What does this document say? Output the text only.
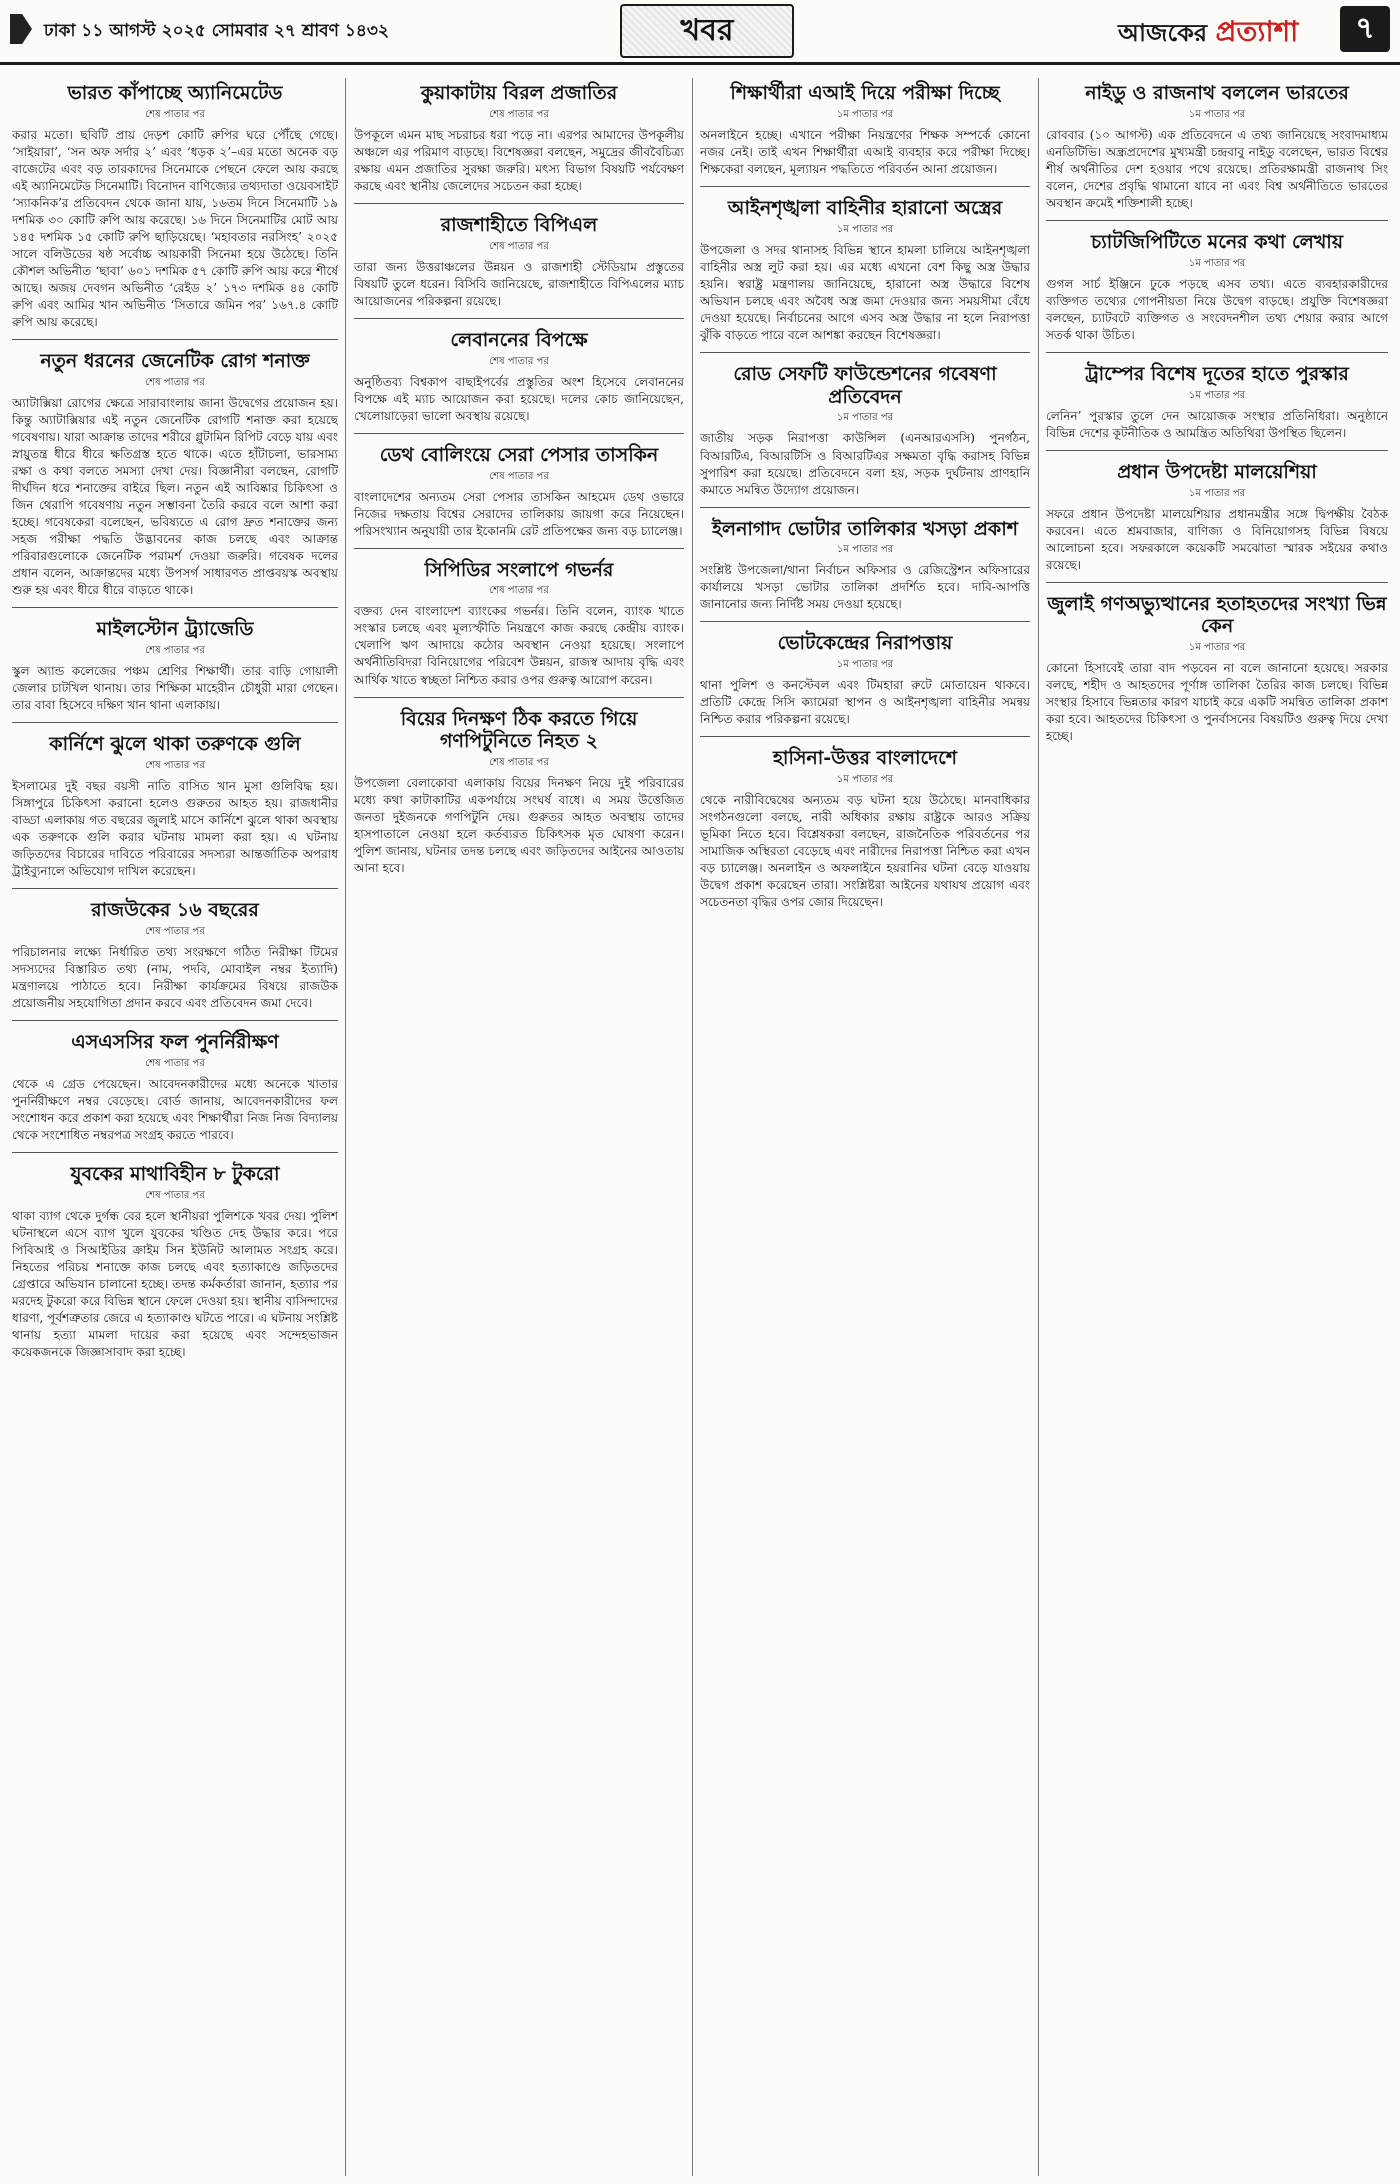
ঢাকা ১১ আগস্ট ২০২৫ সোমবার ২৭ শ্রাবণ ১৪৩২	খবর	আজকের প্রত্যাশা	৭
ভারত কাঁপাচ্ছে অ্যানিমেটেড
শেষ পাতার পর

করার মতো। ছবিটি প্রায় দেড়শ কোটি রুপির ঘরে পৌঁছে গেছে। ‘সাইয়ারা’, ‘সন অফ সর্দার ২’ এবং ‘ধড়ক ২’–এর মতো অনেক বড় বাজেটের এবং বড় তারকাদের সিনেমাকে পেছনে ফেলে আয় করছে এই অ্যানিমেটেড সিনেমাটি। বিনোদন বাণিজ্যের তথ্যদাতা ওয়েবসাইট ‘স্যাকনিক’র প্রতিবেদন থেকে জানা যায়, ১৬তম দিনে সিনেমাটি ১৯ দশমিক ৩০ কোটি রুপি আয় করেছে। ১৬ দিনে সিনেমাটির মোট আয় ১৪৫ দশমিক ১৫ কোটি রুপি ছাড়িয়েছে। ‘মহাবতার নরসিংহ’ ২০২৫ সালে বলিউডের ষষ্ঠ সর্বোচ্চ আয়কারী সিনেমা হয়ে উঠেছে। তিনি কৌশল অভিনীত ‘ছাবা’ ৬০১ দশমিক ৫৭ কোটি রুপি আয় করে শীর্ষে আছে। অজয় দেবগন অভিনীত ‘রেইড ২’ ১৭৩ দশমিক ৪৪ কোটি রুপি এবং আমির খান অভিনীত ‘সিতারে জমিন পর’ ১৬৭.৪ কোটি রুপি আয় করেছে।

নতুন ধরনের জেনেটিক রোগ শনাক্ত
শেষ পাতার পর

অ্যাটাক্সিয়া রোগের ক্ষেত্রে সারাবাংলায় জানা উদ্বেগের প্রয়োজন হয়। কিন্তু অ্যাটাক্সিয়ার এই নতুন জেনেটিক রোগটি শনাক্ত করা হয়েছে গবেষণায়। যারা আক্রান্ত তাদের শরীরে গ্লুটামিন রিপিট বেড়ে যায় এবং স্নায়ুতন্ত্র ধীরে ধীরে ক্ষতিগ্রস্ত হতে থাকে। এতে হাঁটাচলা, ভারসাম্য রক্ষা ও কথা বলতে সমস্যা দেখা দেয়। বিজ্ঞানীরা বলছেন, রোগটি দীর্ঘদিন ধরে শনাক্তের বাইরে ছিল। নতুন এই আবিষ্কার চিকিৎসা ও জিন থেরাপি গবেষণায় নতুন সম্ভাবনা তৈরি করবে বলে আশা করা হচ্ছে। গবেষকেরা বলেছেন, ভবিষ্যতে এ রোগ দ্রুত শনাক্তের জন্য সহজ পরীক্ষা পদ্ধতি উদ্ভাবনের কাজ চলছে এবং আক্রান্ত পরিবারগুলোকে জেনেটিক পরামর্শ দেওয়া জরুরি। গবেষক দলের প্রধান বলেন, আক্রান্তদের মধ্যে উপসর্গ সাধারণত প্রাপ্তবয়স্ক অবস্থায় শুরু হয় এবং ধীরে ধীরে বাড়তে থাকে।

মাইলস্টোন ট্র্যাজেডি
শেষ পাতার পর

স্কুল অ্যান্ড কলেজের পঞ্চম শ্রেণির শিক্ষার্থী। তার বাড়ি গোয়ালী জেলার চাটখিল থানায়। তার শিক্ষিকা মাহেরীন চৌধুরী মারা গেছেন। তার বাবা হিসেবে দক্ষিণ খান থানা এলাকায়।

কার্নিশে ঝুলে থাকা তরুণকে গুলি
শেষ পাতার পর

ইসলামের দুই বছর বয়সী নাতি বাসিত খান মুসা গুলিবিদ্ধ হয়। সিঙ্গাপুরে চিকিৎসা করানো হলেও গুরুতর আহত হয়। রাজধানীর বাড্ডা এলাকায় গত বছরের জুলাই মাসে কার্নিশে ঝুলে থাকা অবস্থায় এক তরুণকে গুলি করার ঘটনায় মামলা করা হয়। এ ঘটনায় জড়িতদের বিচারের দাবিতে পরিবারের সদস্যরা আন্তর্জাতিক অপরাধ ট্রাইব্যুনালে অভিযোগ দাখিল করেছেন।

রাজউকের ১৬ বছরের
শেষ পাতার পর

পরিচালনার লক্ষ্যে নির্ধারিত তথ্য সংরক্ষণে গঠিত নিরীক্ষা টিমের সদস্যদের বিস্তারিত তথ্য (নাম, পদবি, মোবাইল নম্বর ইত্যাদি) মন্ত্রণালয়ে পাঠাতে হবে। নিরীক্ষা কার্যক্রমের বিষয়ে রাজউক প্রয়োজনীয় সহযোগিতা প্রদান করবে এবং প্রতিবেদন জমা দেবে।

এসএসসির ফল পুনর্নিরীক্ষণ
শেষ পাতার পর

থেকে এ গ্রেড পেয়েছেন। আবেদনকারীদের মধ্যে অনেকে খাতার পুনর্নিরীক্ষণে নম্বর বেড়েছে। বোর্ড জানায়, আবেদনকারীদের ফল সংশোধন করে প্রকাশ করা হয়েছে এবং শিক্ষার্থীরা নিজ নিজ বিদ্যালয় থেকে সংশোধিত নম্বরপত্র সংগ্রহ করতে পারবে।

যুবকের মাথাবিহীন ৮ টুকরো
শেষ পাতার পর

থাকা ব্যাগ থেকে দুর্গন্ধ বের হলে স্থানীয়রা পুলিশকে খবর দেয়। পুলিশ ঘটনাস্থলে এসে ব্যাগ খুলে যুবকের খণ্ডিত দেহ উদ্ধার করে। পরে পিবিআই ও সিআইডির ক্রাইম সিন ইউনিট আলামত সংগ্রহ করে। নিহতের পরিচয় শনাক্তে কাজ চলছে এবং হত্যাকাণ্ডে জড়িতদের গ্রেপ্তারে অভিযান চালানো হচ্ছে। তদন্ত কর্মকর্তারা জানান, হত্যার পর মরদেহ টুকরো করে বিভিন্ন স্থানে ফেলে দেওয়া হয়। স্থানীয় বাসিন্দাদের ধারণা, পূর্বশত্রুতার জেরে এ হত্যাকাণ্ড ঘটতে পারে। এ ঘটনায় সংশ্লিষ্ট থানায় হত্যা মামলা দায়ের করা হয়েছে এবং সন্দেহভাজন কয়েকজনকে জিজ্ঞাসাবাদ করা হচ্ছে।

কুয়াকাটায় বিরল প্রজাতির
শেষ পাতার পর

উপকূলে এমন মাছ সচরাচর ধরা পড়ে না। এরপর আমাদের উপকূলীয় অঞ্চলে এর পরিমাণ বাড়ছে। বিশেষজ্ঞরা বলছেন, সমুদ্রের জীববৈচিত্র্য রক্ষায় এমন প্রজাতির সুরক্ষা জরুরি। মৎস্য বিভাগ বিষয়টি পর্যবেক্ষণ করছে এবং স্থানীয় জেলেদের সচেতন করা হচ্ছে।

রাজশাহীতে বিপিএল
শেষ পাতার পর

তারা জন্য উত্তরাঞ্চলের উন্নয়ন ও রাজশাহী স্টেডিয়াম প্রস্তুতের বিষয়টি তুলে ধরেন। বিসিবি জানিয়েছে, রাজশাহীতে বিপিএলের ম্যাচ আয়োজনের পরিকল্পনা রয়েছে।

লেবাননের বিপক্ষে
শেষ পাতার পর

অনুষ্ঠিতব্য বিশ্বকাপ বাছাইপর্বের প্রস্তুতির অংশ হিসেবে লেবাননের বিপক্ষে এই ম্যাচ আয়োজন করা হয়েছে। দলের কোচ জানিয়েছেন, খেলোয়াড়েরা ভালো অবস্থায় রয়েছে।

ডেথ বোলিংয়ে সেরা পেসার তাসকিন
শেষ পাতার পর

বাংলাদেশের অন্যতম সেরা পেসার তাসকিন আহমেদ ডেথ ওভারে নিজের দক্ষতায় বিশ্বের সেরাদের তালিকায় জায়গা করে নিয়েছেন। পরিসংখ্যান অনুযায়ী তার ইকোনমি রেট প্রতিপক্ষের জন্য বড় চ্যালেঞ্জ।

সিপিডির সংলাপে গভর্নর
শেষ পাতার পর

বক্তব্য দেন বাংলাদেশ ব্যাংকের গভর্নর। তিনি বলেন, ব্যাংক খাতে সংস্কার চলছে এবং মূল্যস্ফীতি নিয়ন্ত্রণে কাজ করছে কেন্দ্রীয় ব্যাংক। খেলাপি ঋণ আদায়ে কঠোর অবস্থান নেওয়া হয়েছে। সংলাপে অর্থনীতিবিদরা বিনিয়োগের পরিবেশ উন্নয়ন, রাজস্ব আদায় বৃদ্ধি এবং আর্থিক খাতে স্বচ্ছতা নিশ্চিত করার ওপর গুরুত্ব আরোপ করেন।

বিয়ের দিনক্ষণ ঠিক করতে গিয়ে গণপিটুনিতে নিহত ২
শেষ পাতার পর

উপজেলা বেলাকোবা এলাকায় বিয়ের দিনক্ষণ নিয়ে দুই পরিবারের মধ্যে কথা কাটাকাটির একপর্যায়ে সংঘর্ষ বাধে। এ সময় উত্তেজিত জনতা দুইজনকে গণপিটুনি দেয়। গুরুতর আহত অবস্থায় তাদের হাসপাতালে নেওয়া হলে কর্তব্যরত চিকিৎসক মৃত ঘোষণা করেন। পুলিশ জানায়, ঘটনার তদন্ত চলছে এবং জড়িতদের আইনের আওতায় আনা হবে।

শিক্ষার্থীরা এআই দিয়ে পরীক্ষা দিচ্ছে
১ম পাতার পর

অনলাইনে হচ্ছে। এখানে পরীক্ষা নিয়ন্ত্রণের শিক্ষক সম্পর্কে কোনো নজর নেই। তাই এখন শিক্ষার্থীরা এআই ব্যবহার করে পরীক্ষা দিচ্ছে। শিক্ষকেরা বলছেন, মূল্যায়ন পদ্ধতিতে পরিবর্তন আনা প্রয়োজন।

আইনশৃঙ্খলা বাহিনীর হারানো অস্ত্রের
১ম পাতার পর

উপজেলা ও সদর থানাসহ বিভিন্ন স্থানে হামলা চালিয়ে আইনশৃঙ্খলা বাহিনীর অস্ত্র লুট করা হয়। এর মধ্যে এখনো বেশ কিছু অস্ত্র উদ্ধার হয়নি। স্বরাষ্ট্র মন্ত্রণালয় জানিয়েছে, হারানো অস্ত্র উদ্ধারে বিশেষ অভিযান চলছে এবং অবৈধ অস্ত্র জমা দেওয়ার জন্য সময়সীমা বেঁধে দেওয়া হয়েছে। নির্বাচনের আগে এসব অস্ত্র উদ্ধার না হলে নিরাপত্তা ঝুঁকি বাড়তে পারে বলে আশঙ্কা করছেন বিশেষজ্ঞরা।

রোড সেফটি ফাউন্ডেশনের গবেষণা প্রতিবেদন
১ম পাতার পর

জাতীয় সড়ক নিরাপত্তা কাউন্সিল (এনআরএসসি) পুনর্গঠন, বিআরটিএ, বিআরটিসি ও বিআরটিএর সক্ষমতা বৃদ্ধি করাসহ বিভিন্ন সুপারিশ করা হয়েছে। প্রতিবেদনে বলা হয়, সড়ক দুর্ঘটনায় প্রাণহানি কমাতে সমন্বিত উদ্যোগ প্রয়োজন।

ইলনাগাদ ভোটার তালিকার খসড়া প্রকাশ
১ম পাতার পর

সংশ্লিষ্ট উপজেলা/থানা নির্বাচন অফিসার ও রেজিস্ট্রেশন অফিসারের কার্যালয়ে খসড়া ভোটার তালিকা প্রদর্শিত হবে। দাবি-আপত্তি জানানোর জন্য নির্দিষ্ট সময় দেওয়া হয়েছে।

ভোটকেন্দ্রের নিরাপত্তায়
১ম পাতার পর

থানা পুলিশ ও কনস্টেবল এবং টিমহারা রুটে মোতায়েন থাকবে। প্রতিটি কেন্দ্রে সিসি ক্যামেরা স্থাপন ও আইনশৃঙ্খলা বাহিনীর সমন্বয় নিশ্চিত করার পরিকল্পনা রয়েছে।

হাসিনা-উত্তর বাংলাদেশে
১ম পাতার পর

থেকে নারীবিদ্বেষের অন্যতম বড় ঘটনা হয়ে উঠেছে। মানবাধিকার সংগঠনগুলো বলছে, নারী অধিকার রক্ষায় রাষ্ট্রকে আরও সক্রিয় ভূমিকা নিতে হবে। বিশ্লেষকরা বলছেন, রাজনৈতিক পরিবর্তনের পর সামাজিক অস্থিরতা বেড়েছে এবং নারীদের নিরাপত্তা নিশ্চিত করা এখন বড় চ্যালেঞ্জ। অনলাইন ও অফলাইনে হয়রানির ঘটনা বেড়ে যাওয়ায় উদ্বেগ প্রকাশ করেছেন তারা। সংশ্লিষ্টরা আইনের যথাযথ প্রয়োগ এবং সচেতনতা বৃদ্ধির ওপর জোর দিয়েছেন।

নাইডু ও রাজনাথ বললেন ভারতের
১ম পাতার পর

রোববার (১০ আগস্ট) এক প্রতিবেদনে এ তথ্য জানিয়েছে সংবাদমাধ্যম এনডিটিভি। অন্ধ্রপ্রদেশের মুখ্যমন্ত্রী চন্দ্রবাবু নাইডু বলেছেন, ভারত বিশ্বের শীর্ষ অর্থনীতির দেশ হওয়ার পথে রয়েছে। প্রতিরক্ষামন্ত্রী রাজনাথ সিং বলেন, দেশের প্রবৃদ্ধি থামানো যাবে না এবং বিশ্ব অর্থনীতিতে ভারতের অবস্থান ক্রমেই শক্তিশালী হচ্ছে।

চ্যাটজিপিটিতে মনের কথা লেখায়
১ম পাতার পর

গুগল সার্চ ইঞ্জিনে ঢুকে পড়ছে এসব তথ্য। এতে ব্যবহারকারীদের ব্যক্তিগত তথ্যের গোপনীয়তা নিয়ে উদ্বেগ বাড়ছে। প্রযুক্তি বিশেষজ্ঞরা বলছেন, চ্যাটবটে ব্যক্তিগত ও সংবেদনশীল তথ্য শেয়ার করার আগে সতর্ক থাকা উচিত।

ট্রাম্পের বিশেষ দূতের হাতে পুরস্কার
১ম পাতার পর

লেনিন’ পুরস্কার তুলে দেন আয়োজক সংস্থার প্রতিনিধিরা। অনুষ্ঠানে বিভিন্ন দেশের কূটনীতিক ও আমন্ত্রিত অতিথিরা উপস্থিত ছিলেন।

প্রধান উপদেষ্টা মালয়েশিয়া
১ম পাতার পর

সফরে প্রধান উপদেষ্টা মালয়েশিয়ার প্রধানমন্ত্রীর সঙ্গে দ্বিপক্ষীয় বৈঠক করবেন। এতে শ্রমবাজার, বাণিজ্য ও বিনিয়োগসহ বিভিন্ন বিষয়ে আলোচনা হবে। সফরকালে কয়েকটি সমঝোতা স্মারক সইয়ের কথাও রয়েছে।

জুলাই গণঅভ্যুত্থানের হতাহতদের সংখ্যা ভিন্ন কেন
১ম পাতার পর

কোনো হিসাবেই তারা বাদ পড়বেন না বলে জানানো হয়েছে। সরকার বলছে, শহীদ ও আহতদের পূর্ণাঙ্গ তালিকা তৈরির কাজ চলছে। বিভিন্ন সংস্থার হিসাবে ভিন্নতার কারণ যাচাই করে একটি সমন্বিত তালিকা প্রকাশ করা হবে। আহতদের চিকিৎসা ও পুনর্বাসনের বিষয়টিও গুরুত্ব দিয়ে দেখা হচ্ছে।
